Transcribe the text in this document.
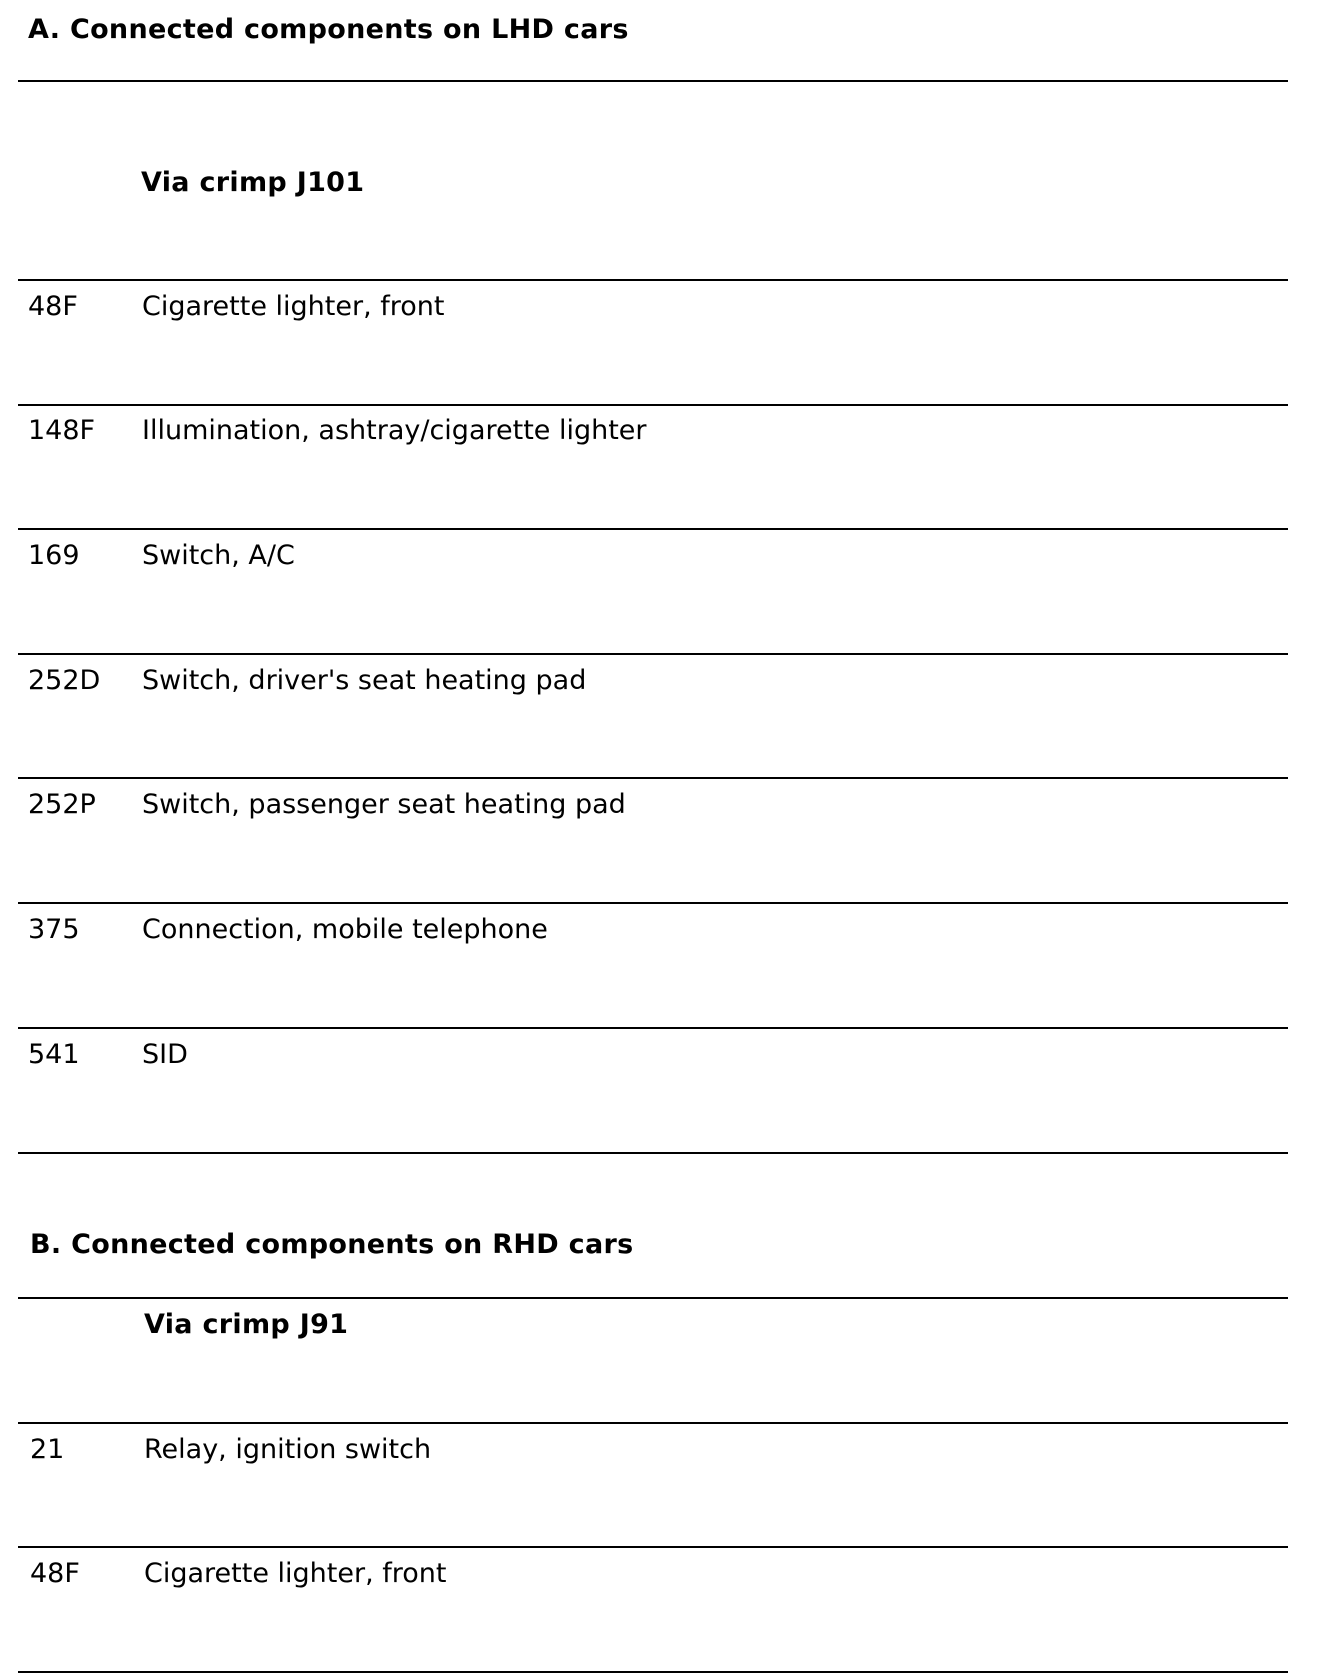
A. Connected components on LHD cars
Via crimp J101
48F Cigarette lighter, front
148F Illumination, ashtray/cigarette lighter
169 Switch, A/C
252D Switch, driver's seat heating pad
252P Switch, passenger seat heating pad
375 Connection, mobile telephone
541 SID
B. Connected components on RHD cars
Via crimp J91
21	Relay, ignition switch
48F Cigarette lighter, front
